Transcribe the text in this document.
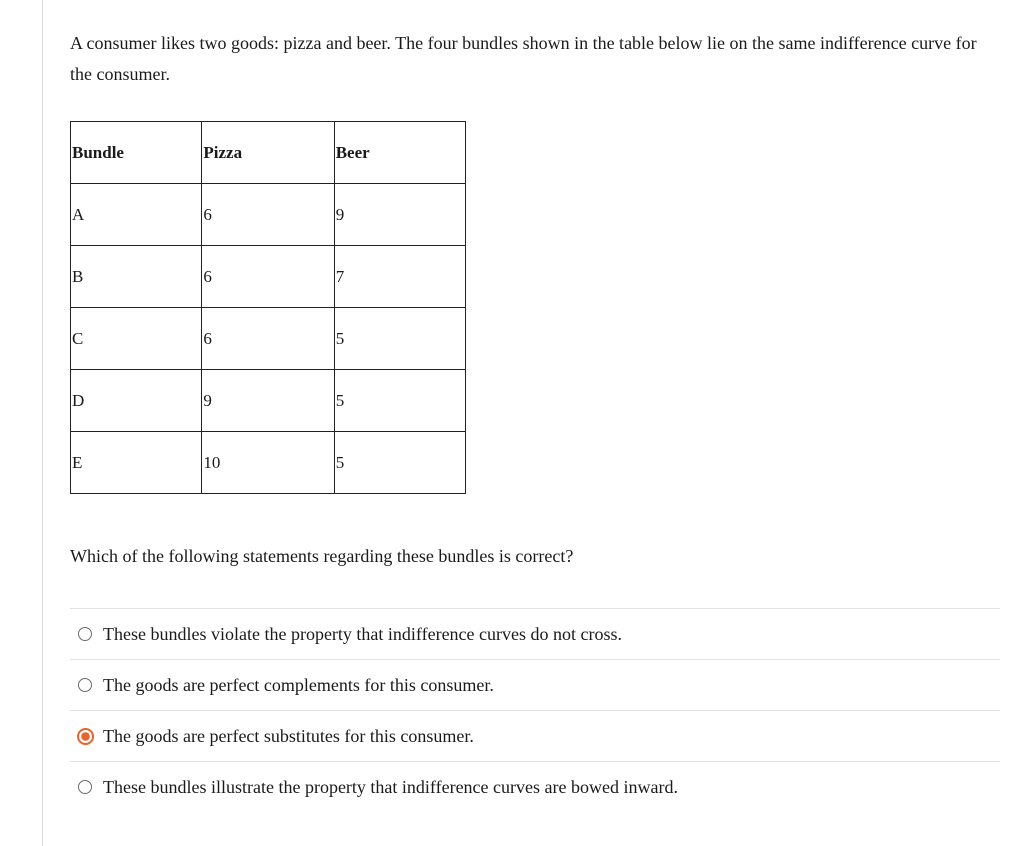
A consumer likes two goods: pizza and beer. The four bundles shown in the table below lie on the same indifference curve for the consumer.

Bundle	Pizza	Beer
A	6	9
B	6	7
C	6	5
D	9	5
E	10	5

Which of the following statements regarding these bundles is correct?

These bundles violate the property that indifference curves do not cross.
The goods are perfect complements for this consumer.
The goods are perfect substitutes for this consumer.
These bundles illustrate the property that indifference curves are bowed inward.
